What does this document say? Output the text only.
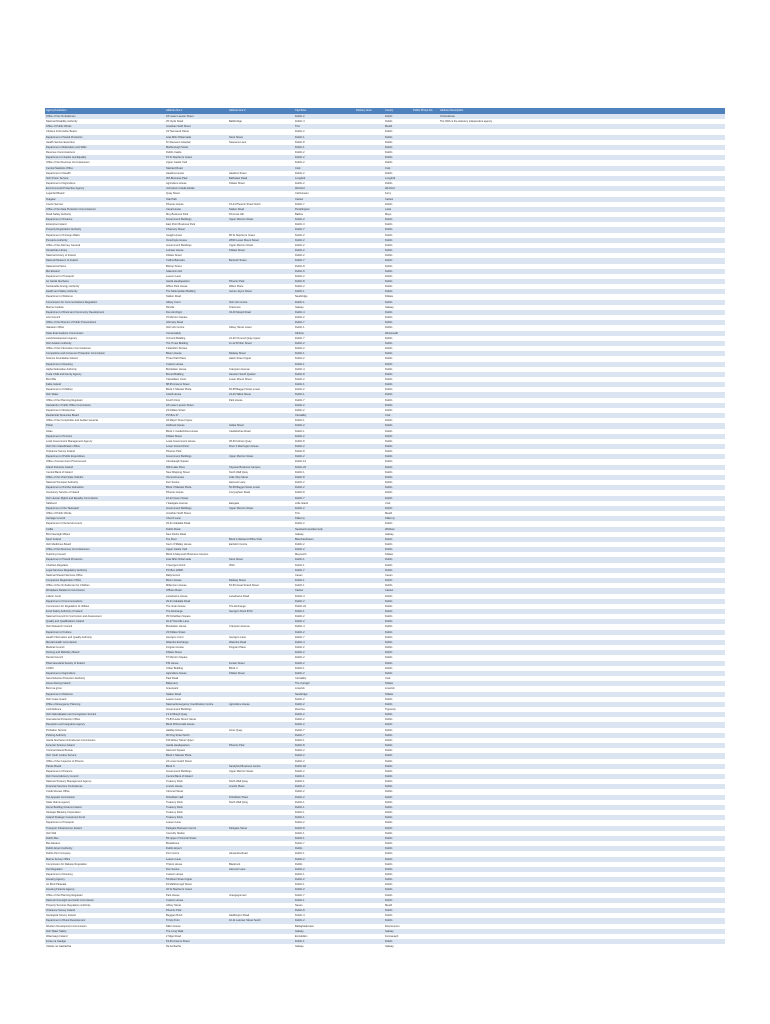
Agency/Institution	Address line 1	Address line 2	City/Town	Delivery Area	County	Public Phone No.	Address Description
Office of the Ombudsman	18 Lower Leeson Street		Dublin 2		Dublin		Ombudsman
National Disability Authority	25 Clyde Road	Ballsbridge	Dublin 4		Dublin		The NDA is the statutory independent agency
Office of Public Works	Jonathan Swift Street		Trim		Meath		
Citizens Information Board	43 Townsend Street		Dublin 2		Dublin		
Department of Social Protection	Aras Mhic Dhiarmada	Store Street	Dublin 1		Dublin		
Health Service Executive	Dr Steevens Hospital	Steevens Lane	Dublin 8		Dublin		
Department of Education and Skills	Marlborough Street		Dublin 1		Dublin		
Revenue Commissioners	Dublin Castle		Dublin 2		Dublin		
Department of Justice and Equality	51 St Stephen's Green		Dublin 2		Dublin		
Office of the Revenue Commissioners	Upper Castle Yard		Dublin 2		Dublin		
Central Statistics Office	Skehard Road		Cork		Cork		
Department of Health	Hawkins House	Hawkins Street	Dublin 2		Dublin		
Irish Prison Service	IDA Business Park	Ballinalee Road	Longford		Longford		
Department of Agriculture	Agriculture House	Kildare Street	Dublin 2		Dublin		
Environmental Protection Agency	Johnstown Castle Estate		Wexford		Wexford		
Legal Aid Board	Quay Street		Cahirciveen		Kerry		
Teagasc	Oak Park		Carlow		Carlow		
Courts Service	Phoenix House	15-24 Phoenix Street North	Dublin 7		Dublin		
Office of the Data Protection Commissioner	Canal House	Station Road	Portarlington		Laois		
Road Safety Authority	Moy Business Park	Primrose Hill	Ballina		Mayo		
Department of Finance	Government Buildings	Upper Merrion Street	Dublin 2		Dublin		
Enterprise Ireland	East Point Business Park		Dublin 3		Dublin		
Property Registration Authority	Chancery Street		Dublin 7		Dublin		
Department of Foreign Affairs	Iveagh House	80 St Stephen's Green	Dublin 2		Dublin		
Pensions Authority	Verschoyle House	28/30 Lower Mount Street	Dublin 2		Dublin		
Office of the Attorney General	Government Buildings	Upper Merrion Street	Dublin 2		Dublin		
Oireachtas Library	Leinster House	Kildare Street	Dublin 2		Dublin		
National Library of Ireland	Kildare Street		Dublin 2		Dublin		
National Museum of Ireland	Collins Barracks	Benburb Street	Dublin 7		Dublin		
National Archives	Bishop Street		Dublin 8		Dublin		
Met Eireann	Glasnevin Hill		Dublin 9		Dublin		
Department of Transport	Leeson Lane		Dublin 2		Dublin		
An Garda Siochana	Garda Headquarters	Phoenix Park	Dublin 8		Dublin		
Sustainable Energy Authority	Wilton Park House	Wilton Place	Dublin 2		Dublin		
Health and Safety Authority	The Metropolitan Building	James Joyce Street	Dublin 1		Dublin		
Department of Defence	Station Road		Newbridge		Kildare		
Commission for Communications Regulation	Abbey Court	Irish Life Centre	Dublin 1		Dublin		
Marine Institute	Rinville	Oranmore	Galway		Galway		
Department of Rural and Community Development	Dun Aimhirgin	43-49 Mespil Road	Dublin 4		Dublin		
Arts Council	70 Merrion Square		Dublin 2		Dublin		
Office of the Director of Public Prosecutions	Infirmary Road		Dublin 7		Dublin		
Valuation Office	Irish Life Centre	Abbey Street Lower	Dublin 1		Dublin		
State Examinations Commission	Cornamaddy		Athlone		Westmeath		
Land Development Agency	Ormond Building	31-36 Ormond Quay Upper	Dublin 7		Dublin		
Irish Aviation Authority	The Times Building	11-12 D'Olier Street	Dublin 2		Dublin		
Office of the Information Commissioner	6 Earlsfort Terrace		Dublin 2		Dublin		
Competition and Consumer Protection Commission	Bloom House	Railway Street	Dublin 1		Dublin		
Science Foundation Ireland	Three Park Place	Hatch Street Upper	Dublin 2		Dublin		
Department of Housing	Custom House		Dublin 1		Dublin		
Higher Education Authority	Brooklawn House	Crampton Avenue	Dublin 4		Dublin		
Tusla Child and Family Agency	Brunel Building	Heuston South Quarter	Dublin 8		Dublin		
Bord Bia	Clanwilliam Court	Lower Mount Street	Dublin 2		Dublin		
Failte Ireland	88-95 Amiens Street		Dublin 1		Dublin		
Department of Children	Block 1 Miesian Plaza	50-58 Baggot Street Lower	Dublin 2		Dublin		
Irish Water	Colvill House	24-26 Talbot Street	Dublin 1		Dublin		
Office of the Planning Regulator	Fourth Floor	Park House	Dublin 7		Dublin		
Standards in Public Office Commission	18 Lower Leeson Street		Dublin 2		Dublin		
Department of Enterprise	23 Kildare Street		Dublin 2		Dublin		
Residential Tenancies Board	PO Box 47		Clonakilty		Cork		
Office of the Comptroller and Auditor General	3A Mayor Street Upper		Dublin 1		Dublin		
Pobal	Holbrook House	Holles Street	Dublin 2		Dublin		
Solas	Block 1 Castleforbes House	Castleforbes Road	Dublin 1		Dublin		
Department of Tourism	Kildare Street		Dublin 2		Dublin		
Local Government Management Agency	Local Government House	35-39 Ushers Quay	Dublin 8		Dublin		
Irish Film Classification Office	Lower Ground Floor	Floor 2 Warrington House	Dublin 2		Dublin		
Ordnance Survey Ireland	Phoenix Park		Dublin 8		Dublin		
Department of Public Expenditure	Government Buildings	Upper Merrion Street	Dublin 2		Dublin		
Office of Government Procurement	Clonskeagh Square		Dublin 14		Dublin		
Inland Fisheries Ireland	3044 Lake Drive	Citywest Business Campus	Dublin 24		Dublin		
Central Bank of Ireland	New Wapping Street	North Wall Quay	Dublin 1		Dublin		
Office of the Chief State Solicitor	Osmond House	Little Ship Street	Dublin 8		Dublin		
National Transport Authority	Dun Sceine	Harcourt Lane	Dublin 2		Dublin		
Department of Further Education	Block 3 Miesian Plaza	50-58 Baggot Street Lower	Dublin 2		Dublin		
Insolvency Service of Ireland	Phoenix House	Conyngham Road	Dublin 8		Dublin		
Irish Human Rights and Equality Commission	16-22 Green Street		Dublin 7		Dublin		
Safefood	7 Eastgate Avenue	Eastgate	Little Island		Cork		
Department of the Taoiseach	Government Buildings	Upper Merrion Street	Dublin 2		Dublin		
Office of Public Works	Jonathan Swift Street		Trim		Meath		
Heritage Council	Church Lane		Kilkenny		Kilkenny		
Department of the Environment	29-31 Adelaide Road		Dublin 2		Dublin		
Coillte	Dublin Road		Newtownmountkennedy		Wicklow		
Bord Iascaigh Mhara	New Docks Road		Galway		Galway		
Sport Ireland	Top Floor	Block A Westend Office Park	Blanchardstown		Dublin		
Irish Medicines Board	Kevin O'Malley House	Earlsfort Centre	Dublin 2		Dublin		
Office of the Revenue Commissioners	Upper Castle Yard		Dublin 2		Dublin		
Teaching Council	Block A Maynooth Business Campus		Maynooth		Kildare		
Department of Social Protection	Aras Mhic Dhiarmada	Store Street	Dublin 1		Dublin		
Charities Regulator	3 George's Dock	IFSC	Dublin 1		Dublin		
Legal Services Regulatory Authority	PO Box 12906		Dublin 7		Dublin		
National Shared Services Office	Ballyconnell		Cavan		Cavan		
Companies Registration Office	Bloom House	Railway Street	Dublin 1		Dublin		
Office of the Ombudsman for Children	Millennium House	52-56 Great Strand Street	Dublin 1		Dublin		
Workplace Relations Commission	O'Brien Road		Carlow		Carlow		
Labour Court	Lansdowne House	Lansdowne Road	Dublin 4		Dublin		
Department of Communications	29-31 Adelaide Road		Dublin 2		Dublin		
Commission for Regulation of Utilities	The Grain House	The Exchange	Dublin 24		Dublin		
Food Safety Authority of Ireland	The Exchange	George's Dock IFSC	Dublin 1		Dublin		
National Council for Curriculum and Assessment	35 Fitzwilliam Square		Dublin 2		Dublin		
Quality and Qualifications Ireland	26-27 Denzille Lane		Dublin 2		Dublin		
Irish Research Council	Brooklawn House	Crampton Avenue	Dublin 4		Dublin		
Department of Culture	23 Kildare Street		Dublin 2		Dublin		
Health Information and Quality Authority	George's Court	George's Lane	Dublin 7		Dublin		
Mental Health Commission	Waterloo Exchange	Waterloo Road	Dublin 4		Dublin		
Medical Council	Kingram House	Kingram Place	Dublin 2		Dublin		
Nursing and Midwifery Board	Kildare Street		Dublin 2		Dublin		
Dental Council	57 Merrion Square		Dublin 2		Dublin		
Pharmaceutical Society of Ireland	PSI House	Fenian Street	Dublin 2		Dublin		
CORU	Urban Building	Block C	Dublin 1		Dublin		
Department of Agriculture	Agriculture House	Kildare Street	Dublin 2		Dublin		
Sea Fisheries Protection Authority	Park Road		Clonakilty		Cork		
Horse Racing Ireland	Ballymany		The Curragh		Kildare		
Bord na gCon	Greenpark		Limerick		Limerick		
Department of Defence	Station Road		Newbridge		Kildare		
Irish Coast Guard	Leeson Lane		Dublin 2		Dublin		
Office of Emergency Planning	National Emergency Coordination Centre	Agriculture House	Dublin 2		Dublin		
Civil Defence	Government Buildings		Roscrea		Tipperary		
Irish Naturalisation and Immigration Service	13-14 Burgh Quay		Dublin 2		Dublin		
International Protection Office	79-83 Lower Mount Street		Dublin 2		Dublin		
Reception and Integration Agency	Block B Riverside House		Dublin 2		Dublin		
Probation Service	Haliday House	Arran Quay	Dublin 7		Dublin		
Policing Authority	90 King Street North		Dublin 7		Dublin		
Garda Siochana Ombudsman Commission	150 Abbey Street Upper		Dublin 1		Dublin		
Forensic Science Ireland	Garda Headquarters	Phoenix Park	Dublin 8		Dublin		
Criminal Assets Bureau	Harcourt Square		Dublin 2		Dublin		
Irish Youth Justice Service	Block 1 Miesian Plaza		Dublin 2		Dublin		
Office of the Inspector of Prisons	24 Lower Hatch Street		Dublin 2		Dublin		
Parole Board	Block 5	Sandyford Business Centre	Dublin 18		Dublin		
Department of Finance	Government Buildings	Upper Merrion Street	Dublin 2		Dublin		
Irish Fiscal Advisory Council	Central Bank of Ireland		Dublin 1		Dublin		
National Treasury Management Agency	Treasury Dock	North Wall Quay	Dublin 1		Dublin		
Financial Services Ombudsman	Lincoln House	Lincoln Place	Dublin 2		Dublin		
Credit Review Office	Clonmel Street		Dublin 2		Dublin		
Tax Appeals Commission	Fitzwilliam Hall	Fitzwilliam Place	Dublin 2		Dublin		
State Claims Agency	Treasury Dock	North Wall Quay	Dublin 1		Dublin		
Home Building Finance Ireland	Treasury Dock		Dublin 1		Dublin		
Strategic Banking Corporation	Treasury Dock		Dublin 1		Dublin		
Ireland Strategic Investment Fund	Treasury Dock		Dublin 1		Dublin		
Department of Transport	Leeson Lane		Dublin 2		Dublin		
Transport Infrastructure Ireland	Parkgate Business Centre	Parkgate Street	Dublin 8		Dublin		
Irish Rail	Connolly Station		Dublin 1		Dublin		
Dublin Bus	59 Upper O'Connell Street		Dublin 1		Dublin		
Bus Eireann	Broadstone		Dublin 7		Dublin		
Dublin Airport Authority	Dublin Airport		Dublin		Dublin		
Dublin Port Company	Port Centre	Alexandra Road	Dublin 1		Dublin		
Marine Survey Office	Leeson Lane		Dublin 2		Dublin		
Commission for Railway Regulation	Trident House	Blackrock	Dublin		Dublin		
Taxi Regulator	Dun Sceine	Harcourt Lane	Dublin 2		Dublin		
Department of Housing	Custom House		Dublin 1		Dublin		
Housing Agency	53 Mount Street Upper		Dublin 2		Dublin		
An Bord Pleanala	64 Marlborough Street		Dublin 1		Dublin		
Housing Finance Agency	46 St Stephen's Green		Dublin 2		Dublin		
Office of the Planning Regulator	Park House	Grangegorman	Dublin 7		Dublin		
National Oversight and Audit Commission	Custom House		Dublin 1		Dublin		
Property Services Regulatory Authority	Abbey Street		Navan		Meath		
Ordnance Survey Ireland	Phoenix Park		Dublin 8		Dublin		
Geological Survey Ireland	Beggars Bush	Haddington Road	Dublin 4		Dublin		
Department of Rural Development	Trinity Point	10-11 Leinster Street South	Dublin 2		Dublin		
Western Development Commission	Dillon House		Ballaghaderreen		Roscommon		
Irish Water Safety	The Long Walk		Galway		Galway		
Waterways Ireland	2 Sligo Road		Enniskillen		Fermanagh		
Foras na Gaeilge	63-66 Amiens Street		Dublin 1		Dublin		
Udaras na Gaeltachta	Na Forbacha		Galway		Galway		
